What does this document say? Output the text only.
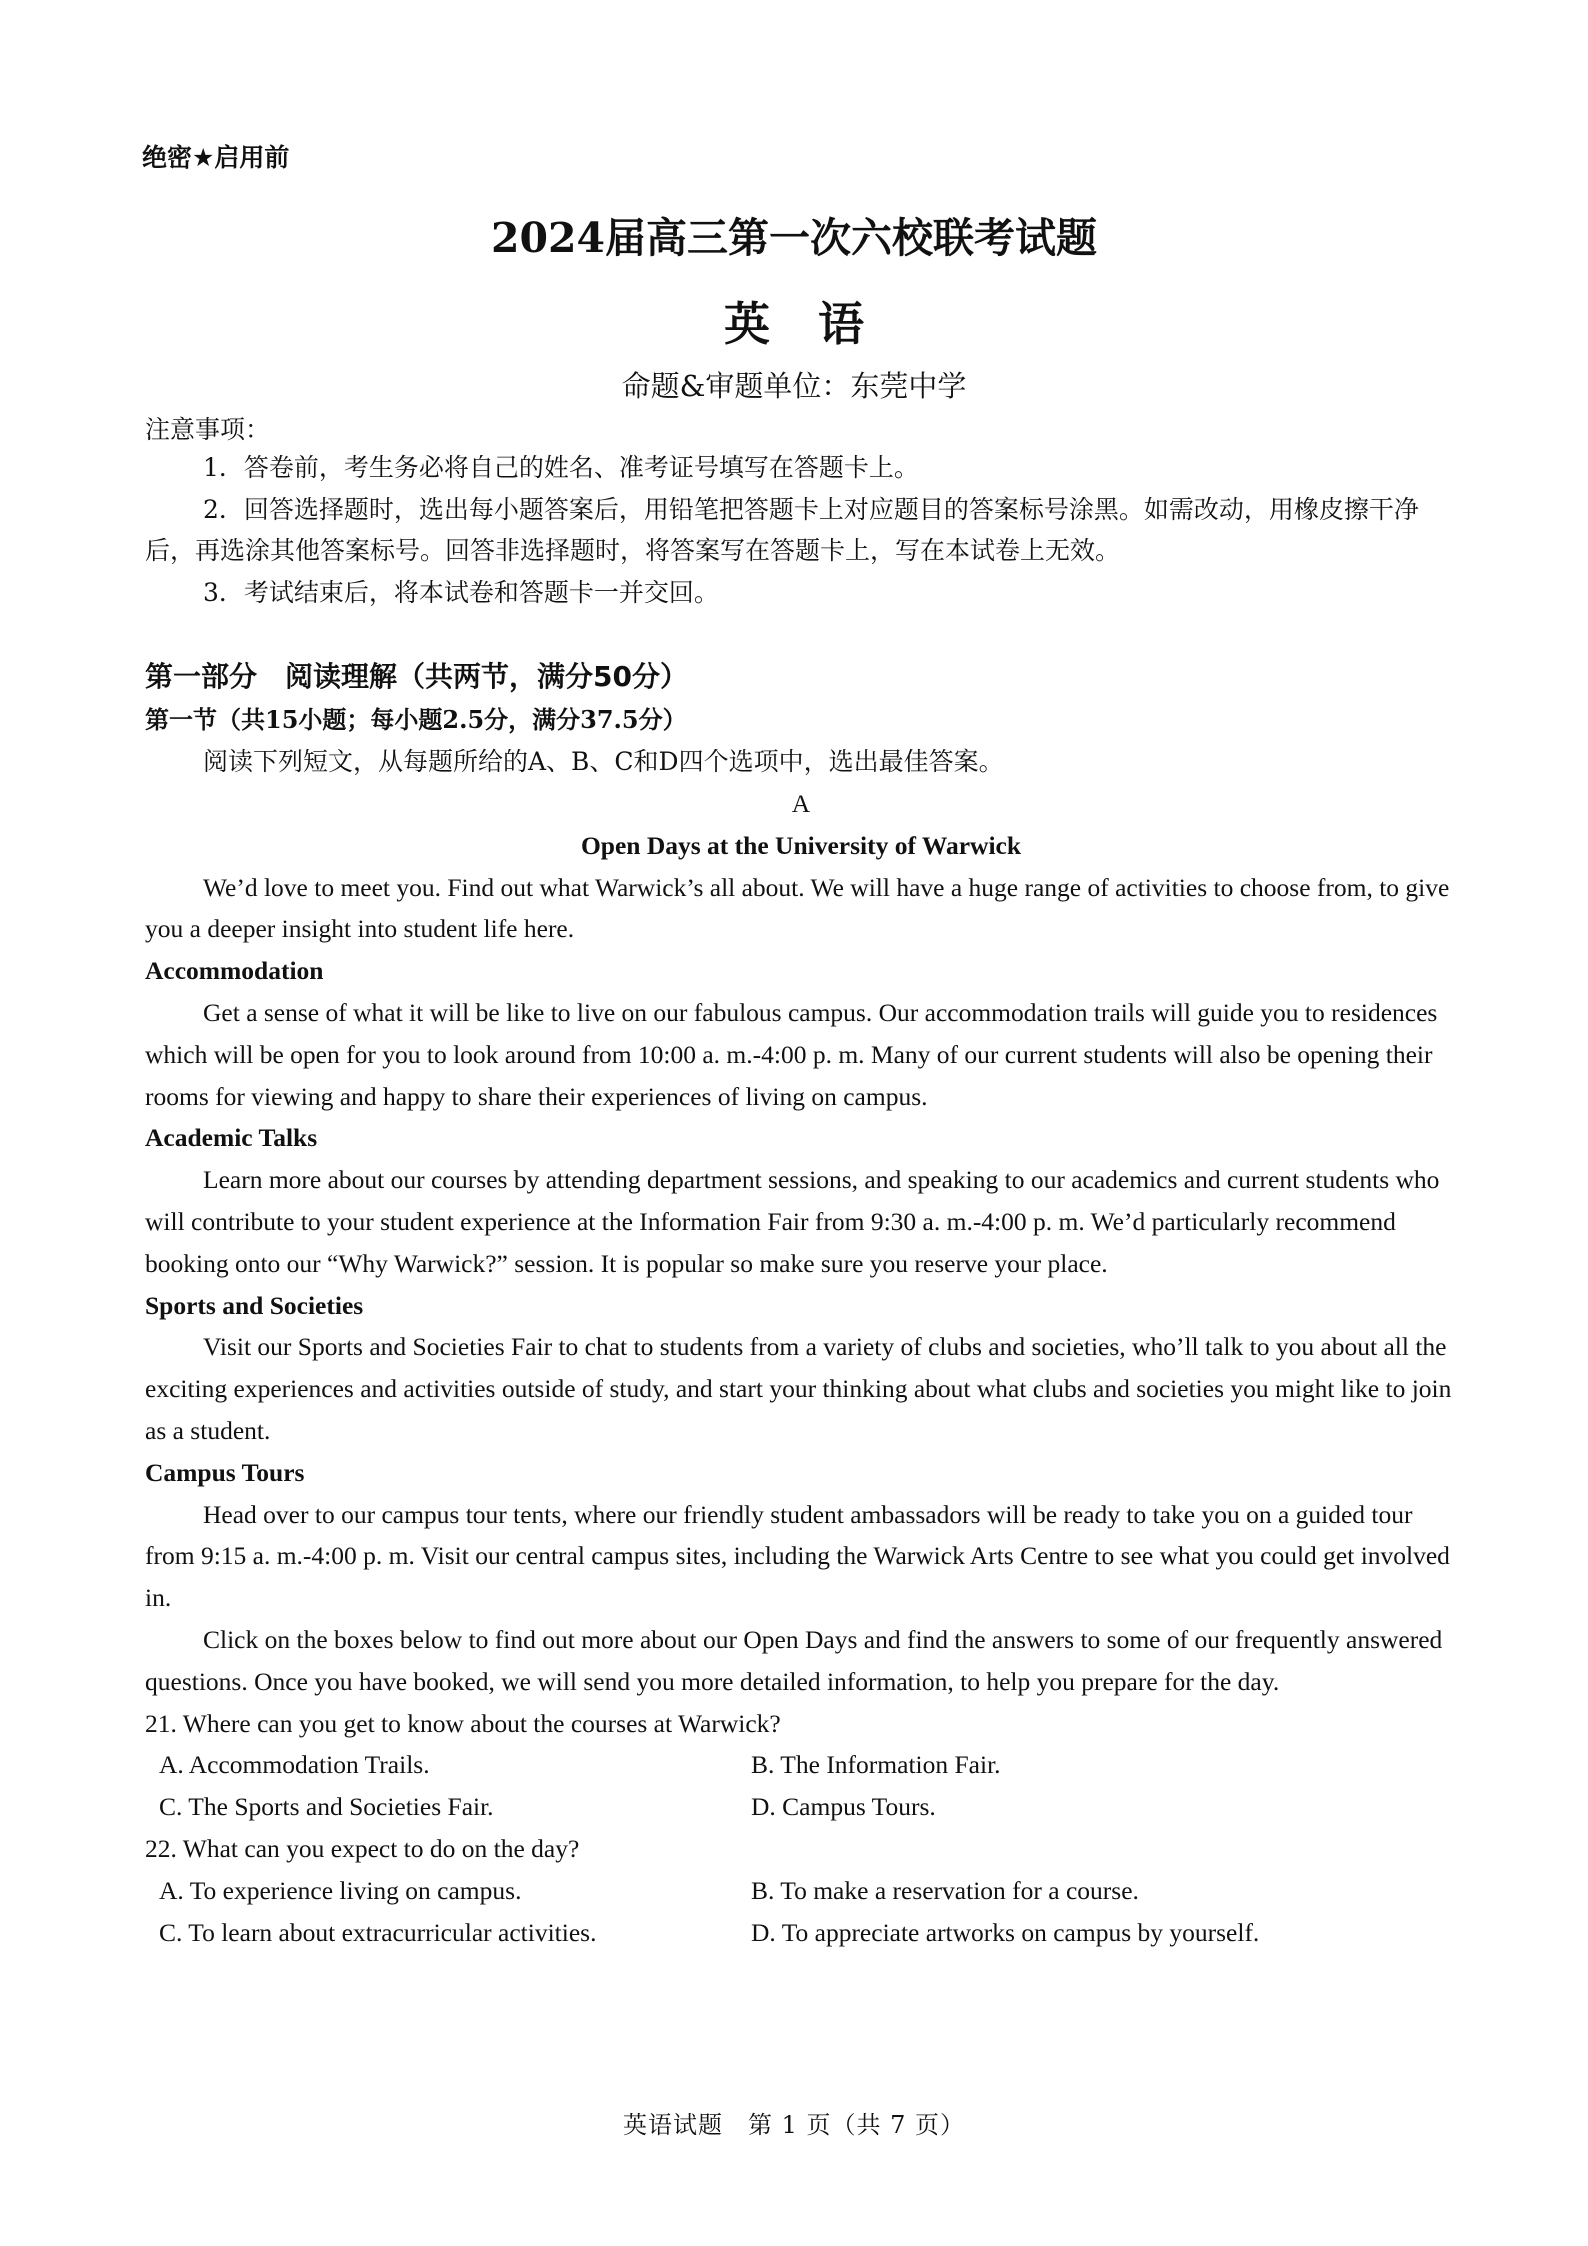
绝密★启用前
2024届高三第一次六校联考试题
英语
命题&审题单位：东莞中学
注意事项：

1．答卷前，考生务必将自己的姓名、准考证号填写在答题卡上。

2．回答选择题时，选出每小题答案后，用铅笔把答题卡上对应题目的答案标号涂黑。如需改动，用橡皮擦干净后，再选涂其他答案标号。回答非选择题时，将答案写在答题卡上，写在本试卷上无效。

3．考试结束后，将本试卷和答题卡一并交回。

第一部分　阅读理解（共两节，满分50分）
第一节（共15小题；每小题2.5分，满分37.5分）
阅读下列短文，从每题所给的A、B、C和D四个选项中，选出最佳答案。

A

Open Days at the University of Warwick

We’d love to meet you. Find out what Warwick’s all about. We will have a huge range of activities to choose from, to give you a deeper insight into student life here.

Accommodation

Get a sense of what it will be like to live on our fabulous campus. Our accommodation trails will guide you to residences which will be open for you to look around from 10:00 a. m.-4:00 p. m. Many of our current students will also be opening their rooms for viewing and happy to share their experiences of living on campus.

Academic Talks

Learn more about our courses by attending department sessions, and speaking to our academics and current students who will contribute to your student experience at the Information Fair from 9:30 a. m.-4:00 p. m. We’d particularly recommend booking onto our “Why Warwick?” session. It is popular so make sure you reserve your place.

Sports and Societies

Visit our Sports and Societies Fair to chat to students from a variety of clubs and societies, who’ll talk to you about all the exciting experiences and activities outside of study, and start your thinking about what clubs and societies you might like to join as a student.

Campus Tours

Head over to our campus tour tents, where our friendly student ambassadors will be ready to take you on a guided tour from 9:15 a. m.-4:00 p. m. Visit our central campus sites, including the Warwick Arts Centre to see what you could get involved in.

Click on the boxes below to find out more about our Open Days and find the answers to some of our frequently answered questions. Once you have booked, we will send you more detailed information, to help you prepare for the day.

21. Where can you get to know about the courses at Warwick?

A. Accommodation Trails.	B. The Information Fair.
C. The Sports and Societies Fair.	D. Campus Tours.

22. What can you expect to do on the day?

A. To experience living on campus.	B. To make a reservation for a course.
C. To learn about extracurricular activities.	D. To appreciate artworks on campus by yourself.
英语试题　第 1 页（共 7 页）
